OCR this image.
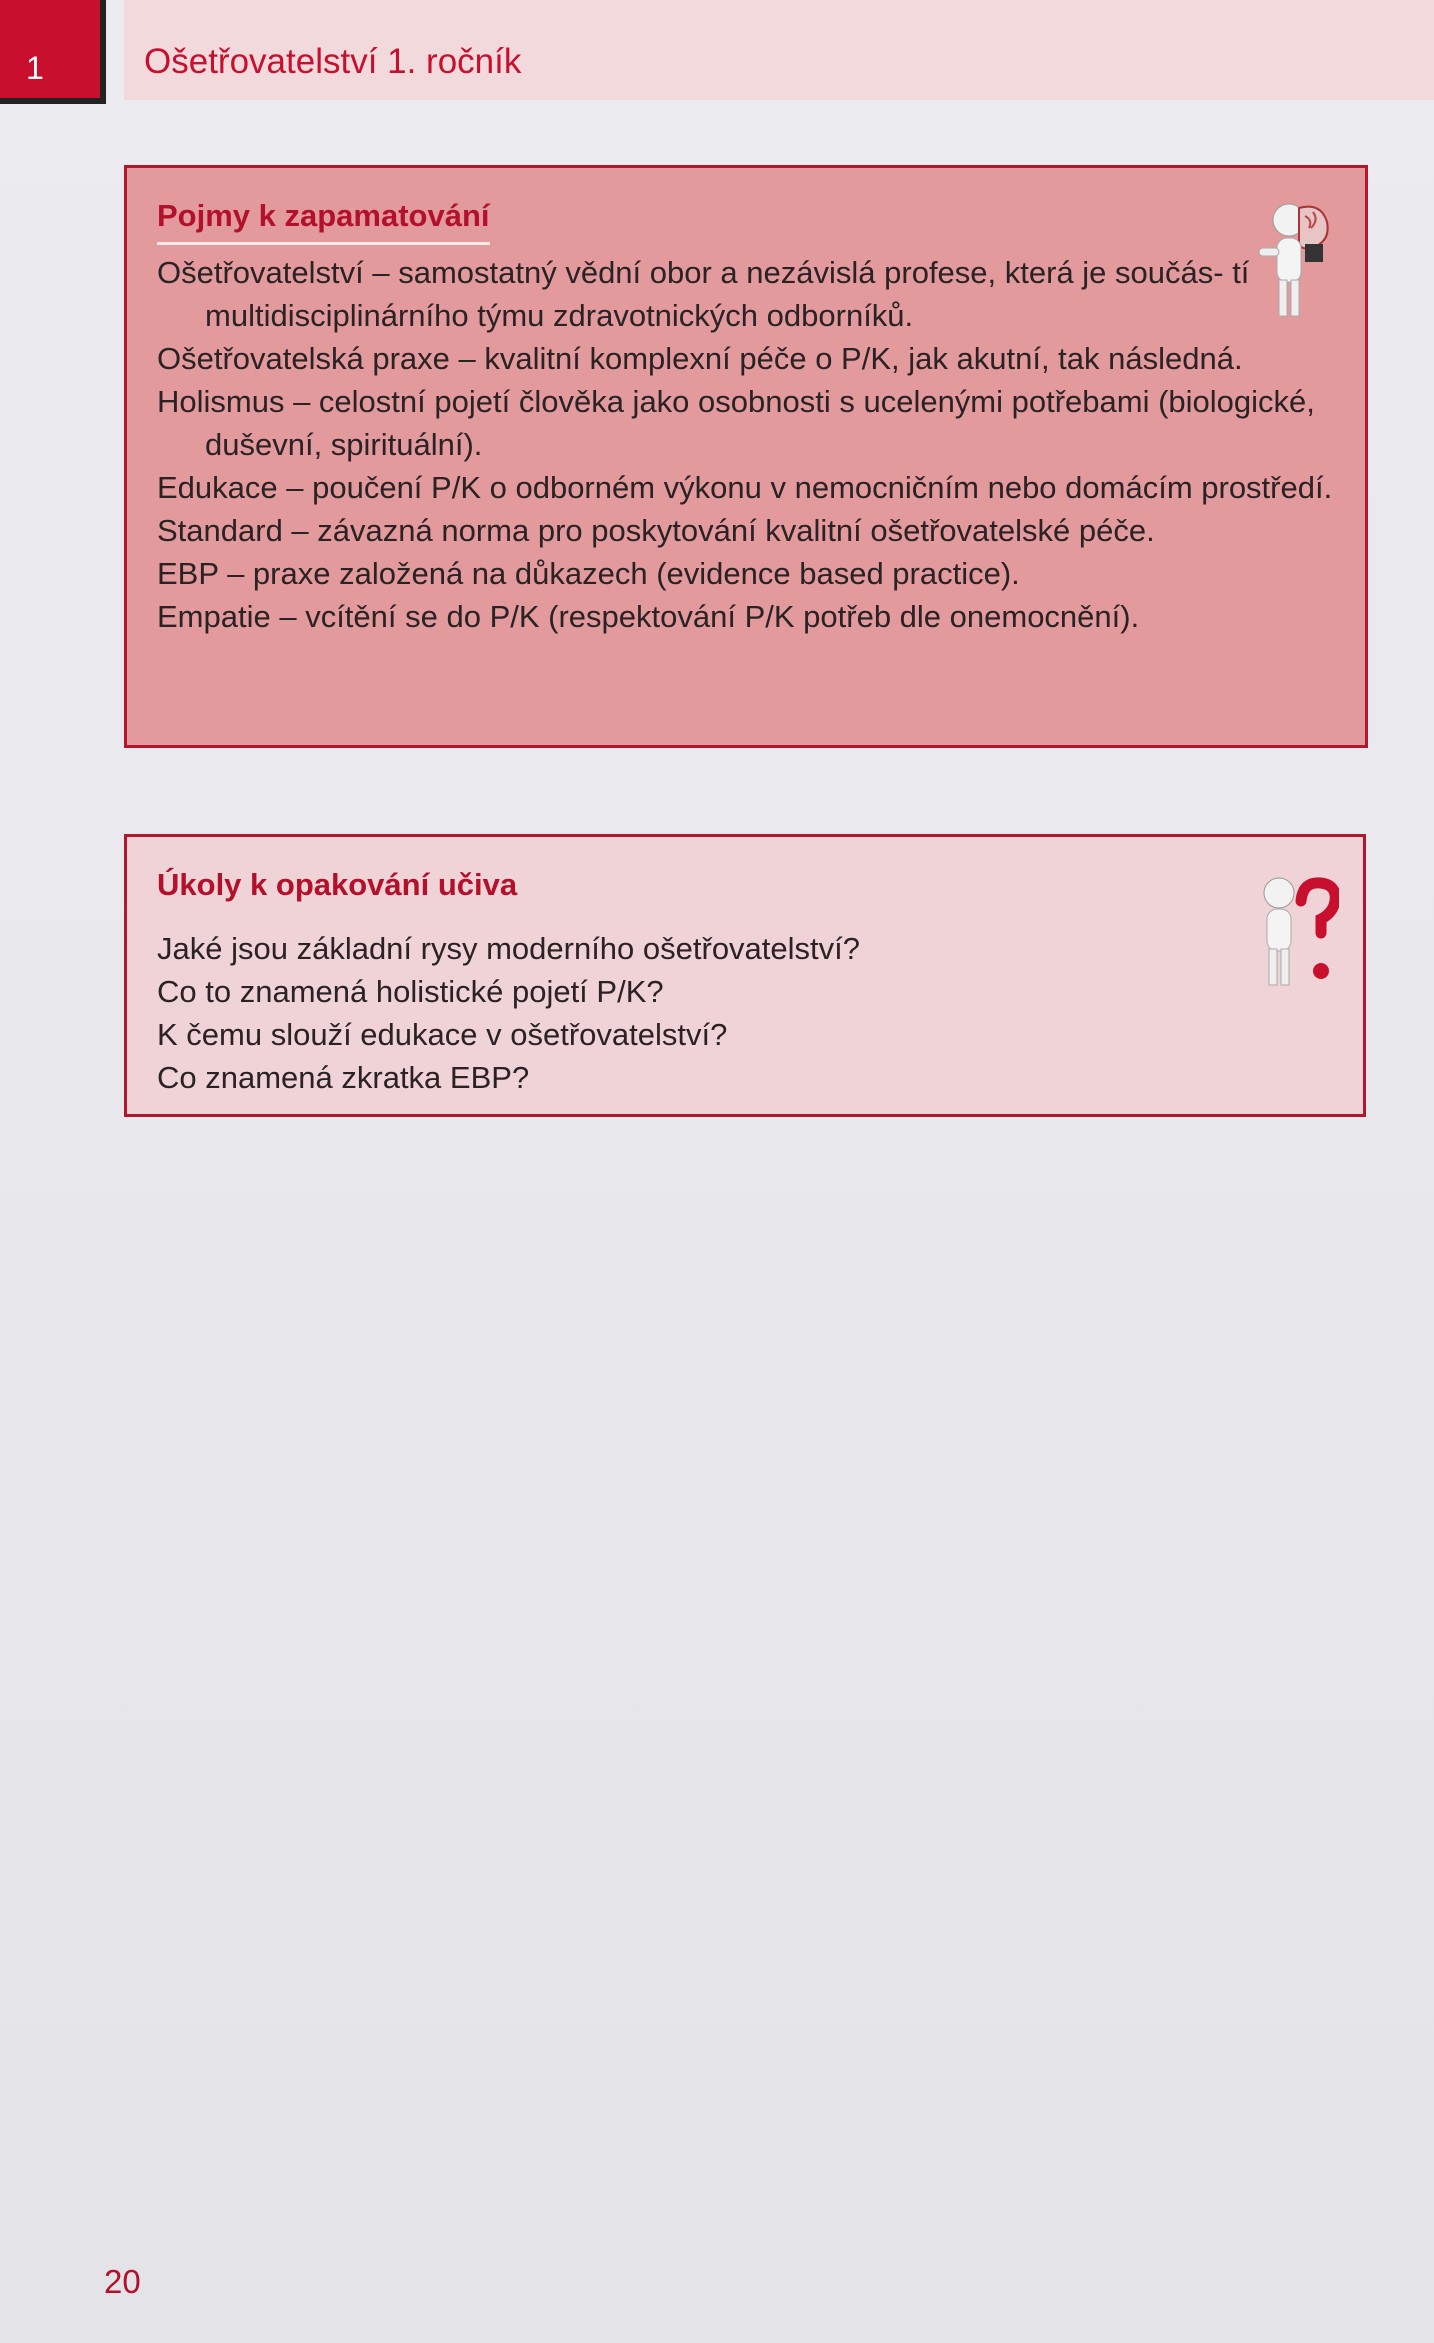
1	Ošetřovatelství 1. ročník
Pojmy k zapamatování
Ošetřovatelství – samostatný vědní obor a nezávislá profese, která je součás- tí multidisciplinárního týmu zdravotnických odborníků.
Ošetřovatelská praxe – kvalitní komplexní péče o P/K, jak akutní, tak následná.
Holismus – celostní pojetí člověka jako osobnosti s ucelenými potřebami (biologické, duševní, spirituální).
Edukace – poučení P/K o odborném výkonu v nemocničním nebo domácím prostředí.
Standard – závazná norma pro poskytování kvalitní ošetřovatelské péče.
EBP – praxe založená na důkazech (evidence based practice).
Empatie – vcítění se do P/K (respektování P/K potřeb dle onemocnění).
Úkoly k opakování učiva
Jaké jsou základní rysy moderního ošetřovatelství?
Co to znamená holistické pojetí P/K?
K čemu slouží edukace v ošetřovatelství?
Co znamená zkratka EBP?
20
